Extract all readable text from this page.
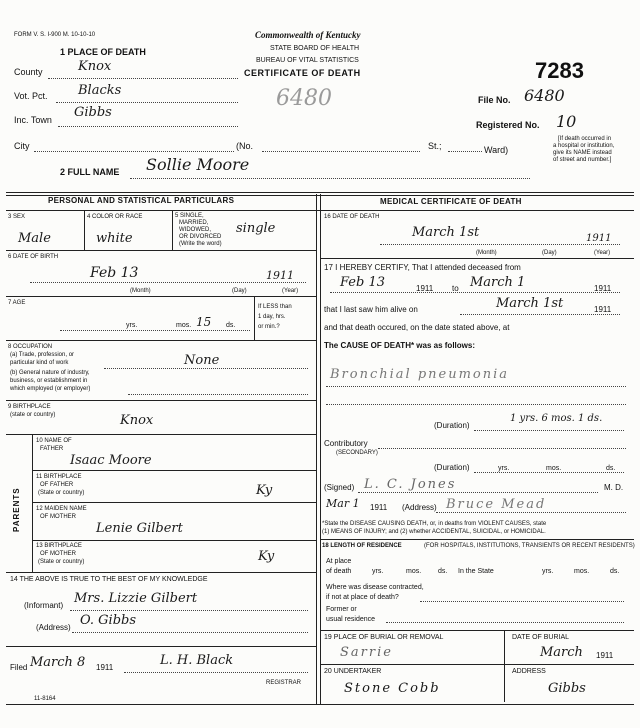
FORM V. S. I-900 M. 10-10-10	Commonwealth of Kentucky
STATE BOARD OF HEALTH
BUREAU OF VITAL STATISTICS
CERTIFICATE OF DEATH	7283
6480	File No. 6480
Registered No. 10
[If death occurred in
a hospital or institution,
give its NAME instead
of street and number.]
1 PLACE OF DEATH
County	Knox
Vot. Pct. Blacks
Inc. Town Gibbs
City	(No.	St.;	Ward)
2 FULL NAME Sollie Moore
PERSONAL AND STATISTICAL PARTICULARS	MEDICAL CERTIFICATE OF DEATH
3 SEX
Male
4 COLOR OR RACE
white
5 SINGLE,
MARRIED,
WIDOWED,
OR DIVORCED
(Write the word)
single
6 DATE OF BIRTH
Feb 13	1911
(Month)	(Day)	(Year)
7 AGE
yrs.	mos. 15 ds.
If LESS than
1 day, hrs.
or min.?
8 OCCUPATION
(a) Trade, profession, or
particular kind of work
(b) General nature of industry,
business, or establishment in
which employed (or employer)
None
9 BIRTHPLACE
(state or country)	Knox
PARENTS
10 NAME OF
FATHER
Isaac Moore
11 BIRTHPLACE
OF FATHER
(State or country)	Ky
12 MAIDEN NAME
OF MOTHER
Lenie Gilbert
13 BIRTHPLACE
OF MOTHER
(State or country)	Ky
14 THE ABOVE IS TRUE TO THE BEST OF MY KNOWLEDGE
(Informant) Mrs. Lizzie Gilbert
(Address) O. Gibbs
Filed March 8 1911	L. H. Black
REGISTRAR
11-8164
16 DATE OF DEATH
March 1st	1911
(Month)	(Day)	(Year)
17 I HEREBY CERTIFY, That I attended deceased from
Feb 13	1911 to March 1	1911
that I last saw him alive on	March 1st	1911
and that death occured, on the date stated above, at
The CAUSE OF DEATH* was as follows:
Bronchial pneumonia
(Duration)
1 yrs. 6 mos. 1 ds.
Contributory
(SECONDARY)
(Duration)	yrs.	mos.	ds.
(Signed) L. C. Jones	M. D.
Mar 1 1911 (Address) Bruce Mead
*State the DISEASE CAUSING DEATH, or, in deaths from VIOLENT CAUSES, state
(1) MEANS OF INJURY; and (2) whether ACCIDENTAL, SUICIDAL, or HOMICIDAL.
18 LENGTH OF RESIDENCE	(FOR HOSPITALS, INSTITUTIONS, TRANSIENTS OR RECENT RESIDENTS)
At place
of death	yrs.	mos. ds. In the State	yrs.	mos.	ds.
Where was disease contracted,
if not at place of death?
Former or
usual residence
19 PLACE OF BURIAL OR REMOVAL	DATE OF BURIAL
Sarrie	March 1911
20 UNDERTAKER	ADDRESS
Stone Cobb	Gibbs
